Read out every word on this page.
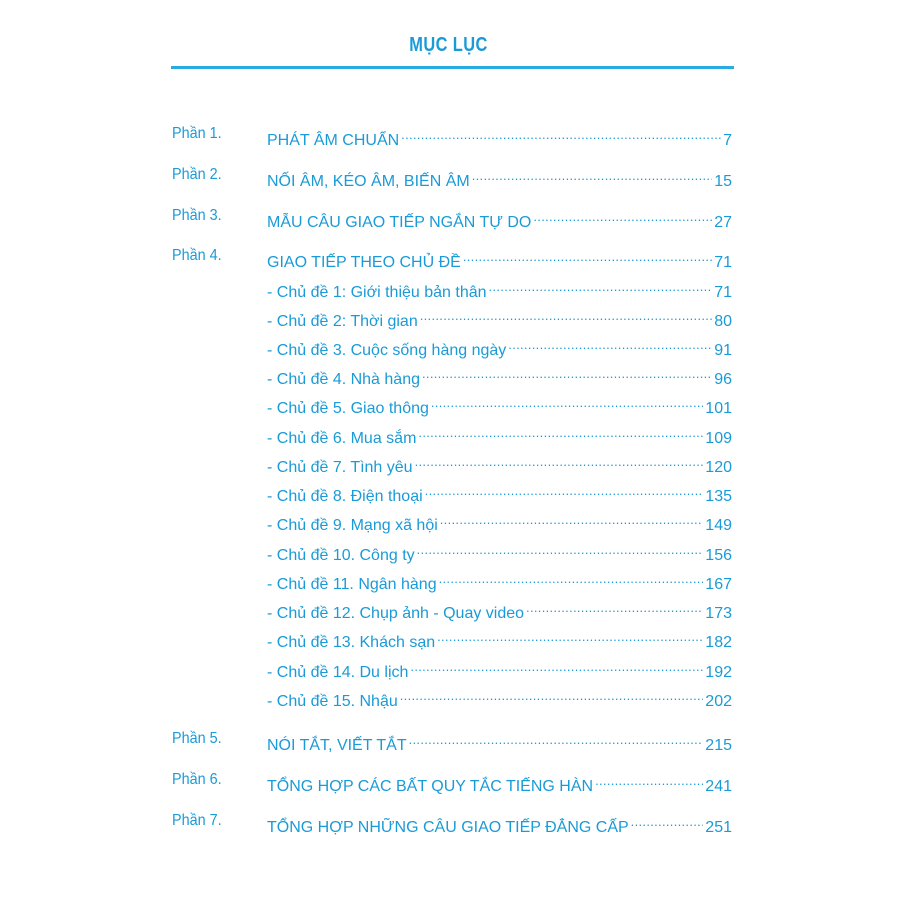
MỤC LỤC
Phần 1.	PHÁT ÂM CHUẨN .....	7
Phần 2.	NỐI ÂM, KÉO ÂM, BIẾN ÂM .....	15
Phần 3.	MẪU CÂU GIAO TIẾP NGẮN TỰ DO .....	27
Phần 4.	GIAO TIẾP THEO CHỦ ĐỀ .....	71
- Chủ đề 1: Giới thiệu bản thân .....	71
- Chủ đề 2: Thời gian .....	80
- Chủ đề 3. Cuộc sống hàng ngày .....	91
- Chủ đề 4. Nhà hàng .....	96
- Chủ đề 5. Giao thông .....	101
- Chủ đề 6. Mua sắm .....	109
- Chủ đề 7. Tình yêu .....	120
- Chủ đề 8. Điện thoại .....	135
- Chủ đề 9. Mạng xã hội .....	149
- Chủ đề 10. Công ty .....	156
- Chủ đề 11. Ngân hàng .....	167
- Chủ đề 12. Chụp ảnh - Quay video .....	173
- Chủ đề 13. Khách sạn .....	182
- Chủ đề 14. Du lịch .....	192
- Chủ đề 15. Nhậu .....	202
Phần 5.	NÓI TẮT, VIẾT TẮT .....	215
Phần 6.	TỔNG HỢP CÁC BẤT QUY TẮC TIẾNG HÀN .....	241
Phần 7.	TỔNG HỢP NHỮNG CÂU GIAO TIẾP ĐẲNG CẤP .....	251
